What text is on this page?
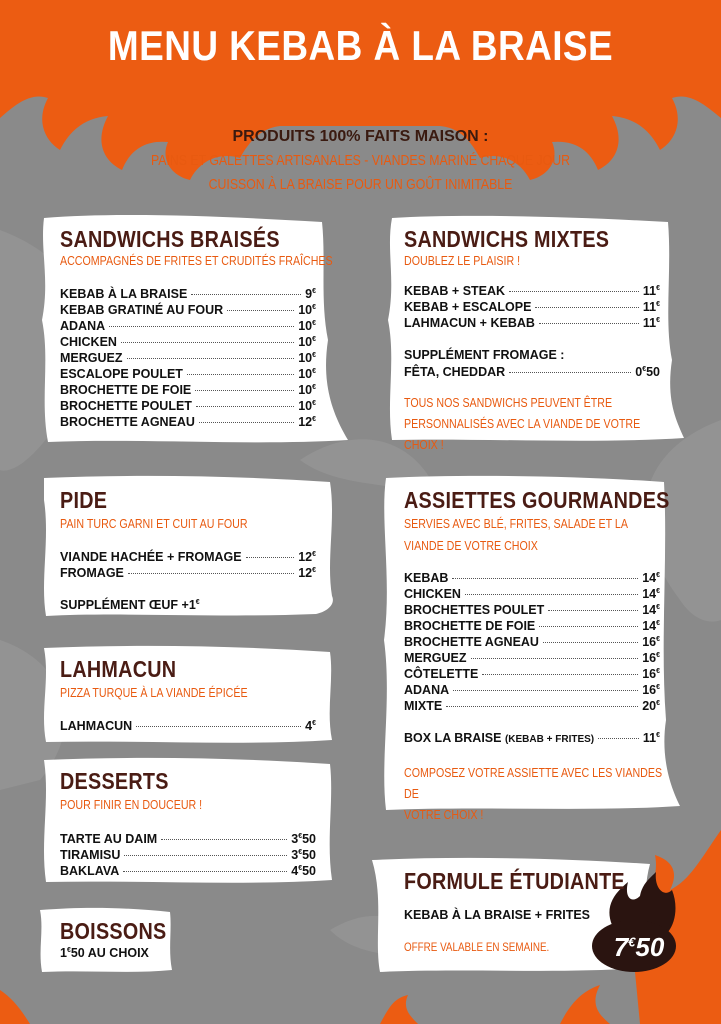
MENU KEBAB À LA BRAISE
PRODUITS 100% FAITS MAISON :
PAINS ET GALETTES ARTISANALES - VIANDES MARINÉ CHAQUE JOUR
CUISSON À LA BRAISE POUR UN GOÛT INIMITABLE
SANDWICHS BRAISÉS
ACCOMPAGNÉS DE FRITES ET CRUDITÉS FRAÎCHES
KEBAB À LA BRAISE	9€
KEBAB GRATINÉ AU FOUR	10€
ADANA	10€
CHICKEN	10€
MERGUEZ	10€
ESCALOPE POULET	10€
BROCHETTE DE FOIE	10€
BROCHETTE POULET	10€
BROCHETTE AGNEAU	12€
SANDWICHS MIXTES
DOUBLEZ LE PLAISIR !
KEBAB + STEAK	11€
KEBAB + ESCALOPE	11€
LAHMACUN + KEBAB	11€
SUPPLÉMENT FROMAGE :
FÊTA, CHEDDAR	0€50
TOUS NOS SANDWICHS PEUVENT ÊTRE
PERSONNALISÉS AVEC LA VIANDE DE VOTRE CHOIX !
PIDE
PAIN TURC GARNI ET CUIT AU FOUR
VIANDE HACHÉE + FROMAGE	12€
FROMAGE	12€
SUPPLÉMENT ŒUF +1€
LAHMACUN
PIZZA TURQUE À LA VIANDE ÉPICÉE
LAHMACUN	4€
DESSERTS
POUR FINIR EN DOUCEUR !
TARTE AU DAIM	3€50
TIRAMISU	3€50
BAKLAVA	4€50
BOISSONS
1€50 AU CHOIX
ASSIETTES GOURMANDES
SERVIES AVEC BLÉ, FRITES, SALADE ET LA
VIANDE DE VOTRE CHOIX
KEBAB	14€
CHICKEN	14€
BROCHETTES POULET	14€
BROCHETTE DE FOIE	14€
BROCHETTE AGNEAU	16€
MERGUEZ	16€
CÔTELETTE	16€
ADANA	16€
MIXTE	20€
BOX LA BRAISE (KEBAB + FRITES)	11€
COMPOSEZ VOTRE ASSIETTE AVEC LES VIANDES DE
VOTRE CHOIX !
FORMULE ÉTUDIANTE
KEBAB À LA BRAISE + FRITES
OFFRE VALABLE EN SEMAINE.	7€50
